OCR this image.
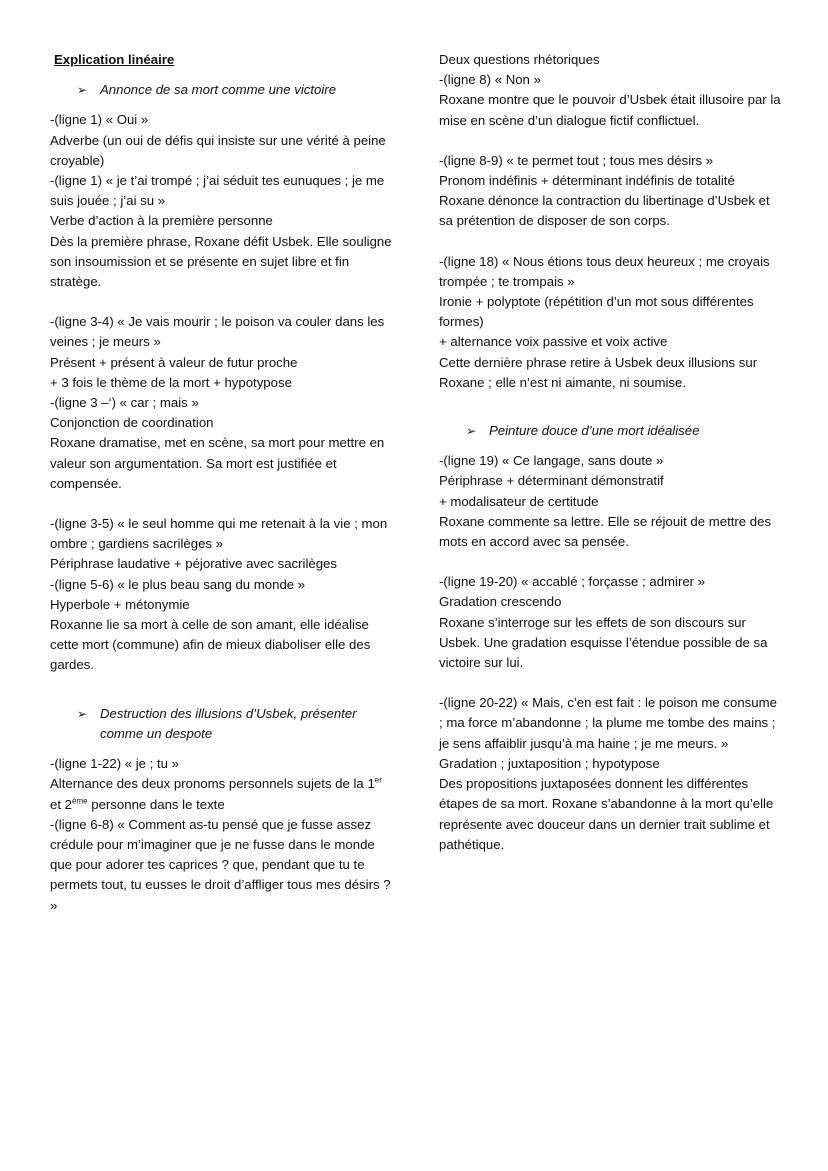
Explication linéaire

➢ Annonce de sa mort comme une victoire

-(ligne 1) « Oui »

Adverbe (un oui de défis qui insiste sur une vérité à peine croyable)

-(ligne 1) « je t’ai trompé ; j’ai séduit tes eunuques ; je me suis jouée ; j’ai su »

Verbe d’action à la première personne

Dès la première phrase, Roxane défit Usbek. Elle souligne son insoumission et se présente en sujet libre et fin stratège.

-(ligne 3-4) « Je vais mourir ; le poison va couler dans les veines ; je meurs »

Présent + présent à valeur de futur proche

+ 3 fois le thème de la mort + hypotypose

-(ligne 3 –‘) « car ; mais »

Conjonction de coordination

Roxane dramatise, met en scène, sa mort pour mettre en valeur son argumentation. Sa mort est justifiée et compensée.

-(ligne 3-5) « le seul homme qui me retenait à la vie ; mon ombre ; gardiens sacrilèges »

Périphrase laudative + péjorative avec sacrilèges

-(ligne 5-6) « le plus beau sang du monde »

Hyperbole + métonymie

Roxanne lie sa mort à celle de son amant, elle idéalise cette mort (commune) afin de mieux diaboliser elle des gardes.

➢ Destruction des illusions d’Usbek, présenter comme un despote

-(ligne 1-22) « je ; tu »

Alternance des deux pronoms personnels sujets de la 1er et 2ème personne dans le texte

-(ligne 6-8) « Comment as-tu pensé que je fusse assez crédule pour m’imaginer que je ne fusse dans le monde que pour adorer tes caprices ? que, pendant que tu te permets tout, tu eusses le droit d’affliger tous mes désirs ? »

Deux questions rhétoriques

-(ligne 8) « Non »

Roxane montre que le pouvoir d’Usbek était illusoire par la mise en scène d’un dialogue fictif conflictuel.

-(ligne 8-9) « te permet tout ; tous mes désirs »

Pronom indéfinis + déterminant indéfinis de totalité

Roxane dénonce la contraction du libertinage d’Usbek et sa prétention de disposer de son corps.

-(ligne 18) « Nous étions tous deux heureux ; me croyais trompée ; te trompais »

Ironie + polyptote (répétition d’un mot sous différentes formes)

+ alternance voix passive et voix active

Cette dernière phrase retire à Usbek deux illusions sur Roxane ; elle n’est ni aimante, ni soumise.

➢ Peinture douce d’une mort idéalisée

-(ligne 19) « Ce langage, sans doute »

Périphrase + déterminant démonstratif

+ modalisateur de certitude

Roxane commente sa lettre. Elle se réjouit de mettre des mots en accord avec sa pensée.

-(ligne 19-20) « accablé ; forçasse ; admirer »

Gradation crescendo

Roxane s’interroge sur les effets de son discours sur Usbek. Une gradation esquisse l’étendue possible de sa victoire sur lui.

-(ligne 20-22) « Mais, c’en est fait : le poison me consume ; ma force m’abandonne ; la plume me tombe des mains ; je sens affaiblir jusqu’à ma haine ; je me meurs. »

Gradation ; juxtaposition ; hypotypose

Des propositions juxtaposées donnent les différentes étapes de sa mort. Roxane s’abandonne à la mort qu’elle représente avec douceur dans un dernier trait sublime et pathétique.
